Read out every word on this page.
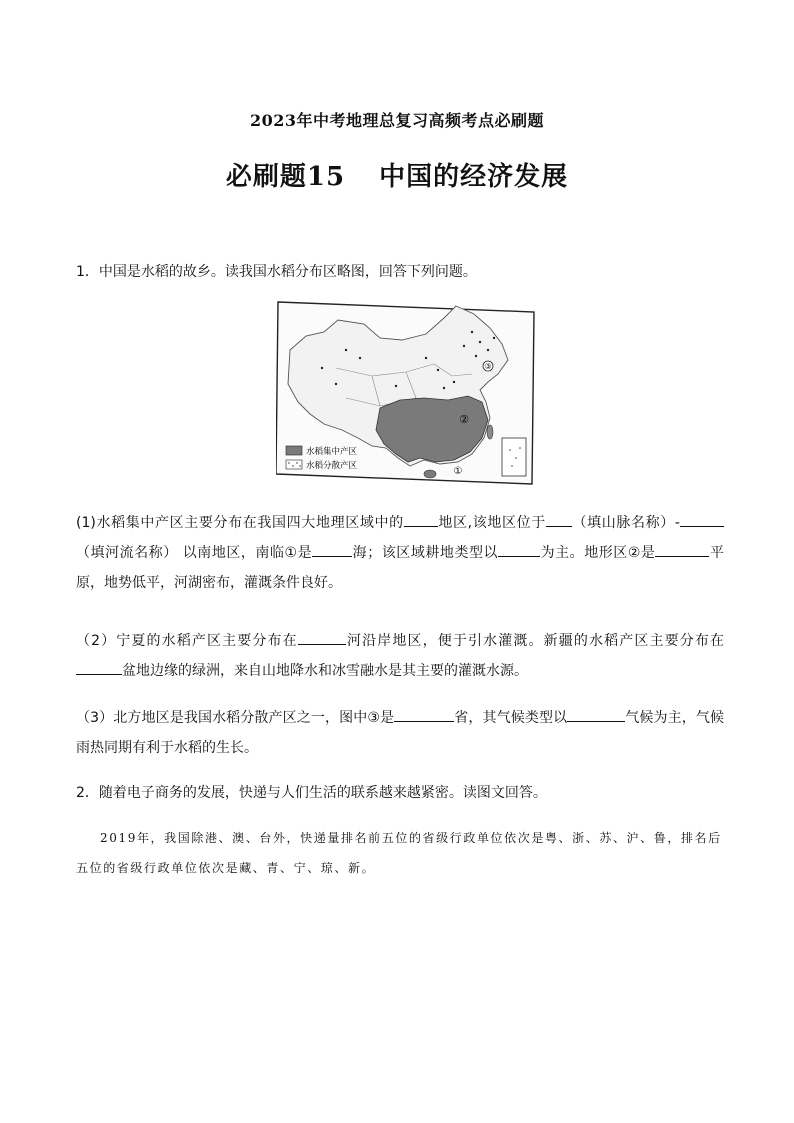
2023年中考地理总复习高频考点必刷题
必刷题15 中国的经济发展
1．中国是水稻的故乡。读我国水稻分布区略图，回答下列问题。
③
②
①
水稻集中产区
水稻分散产区
(1)水稻集中产区主要分布在我国四大地理区域中的 地区,该地区位于 （填山脉名称）-（填河流名称） 以南地区，南临①是	海；该区域耕地类型以	为主。地形区②是	平原，地势低平，河湖密布，灌溉条件良好。
（2）宁夏的水稻产区主要分布在	河沿岸地区，便于引水灌溉。新疆的水稻产区主要分布在盆地边缘的绿洲，来自山地降水和冰雪融水是其主要的灌溉水源。
（3）北方地区是我国水稻分散产区之一，图中③是	省，其气候类型以	气候为主，气候雨热同期有利于水稻的生长。
2．随着电子商务的发展，快递与人们生活的联系越来越紧密。读图文回答。
2019年，我国除港、澳、台外，快递量排名前五位的省级行政单位依次是粤、浙、苏、沪、鲁，排名后五位的省级行政单位依次是藏、青、宁、琼、新。
